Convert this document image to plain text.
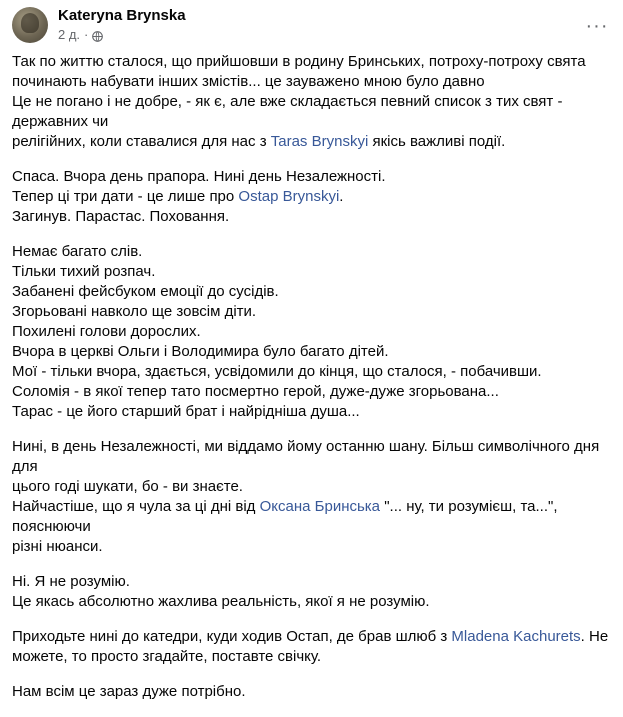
Kateryna Brynska
2 д. ·	···

Так по життю сталося, що прийшовши в родину Бринських, потроху-потроху свята
починають набувати інших змістів... це зауважено мною було давно
Це не погано і не добре, - як є, але вже складається певний список з тих свят - державних чи
релігійних, коли ставалися для нас з Taras Brynskyi якісь важливі події.

Спаса. Вчора день прапора. Нині день Незалежності.
Тепер ці три дати - це лише про Ostap Brynskyi.
Загинув. Парастас. Поховання.

Немає багато слів.
Тільки тихий розпач.
Забанені фейсбуком емоції до сусідів.
Згорьовані навколо ще зовсім діти.
Похилені голови дорослих.
Вчора в церкві Ольги і Володимира було багато дітей.
Мої - тільки вчора, здається, усвідомили до кінця, що сталося, - побачивши.
Соломія - в якої тепер тато посмертно герой, дуже-дуже згорьована...
Тарас - це його старший брат і найрідніша душа...

Нині, в день Незалежності, ми віддамо йому останню шану. Більш символічного дня для
цього годі шукати, бо - ви знаєте.
Найчастіше, що я чула за ці дні від Оксана Бринська "... ну, ти розумієш, та...", пояснюючи
різні нюанси.

Ні. Я не розумію.
Це якась абсолютно жахлива реальність, якої я не розумію.

Приходьте нині до катедри, куди ходив Остап, де брав шлюб з Mladena Kachurets. Не
можете, то просто згадайте, поставте свічку.

Нам всім це зараз дуже потрібно.
